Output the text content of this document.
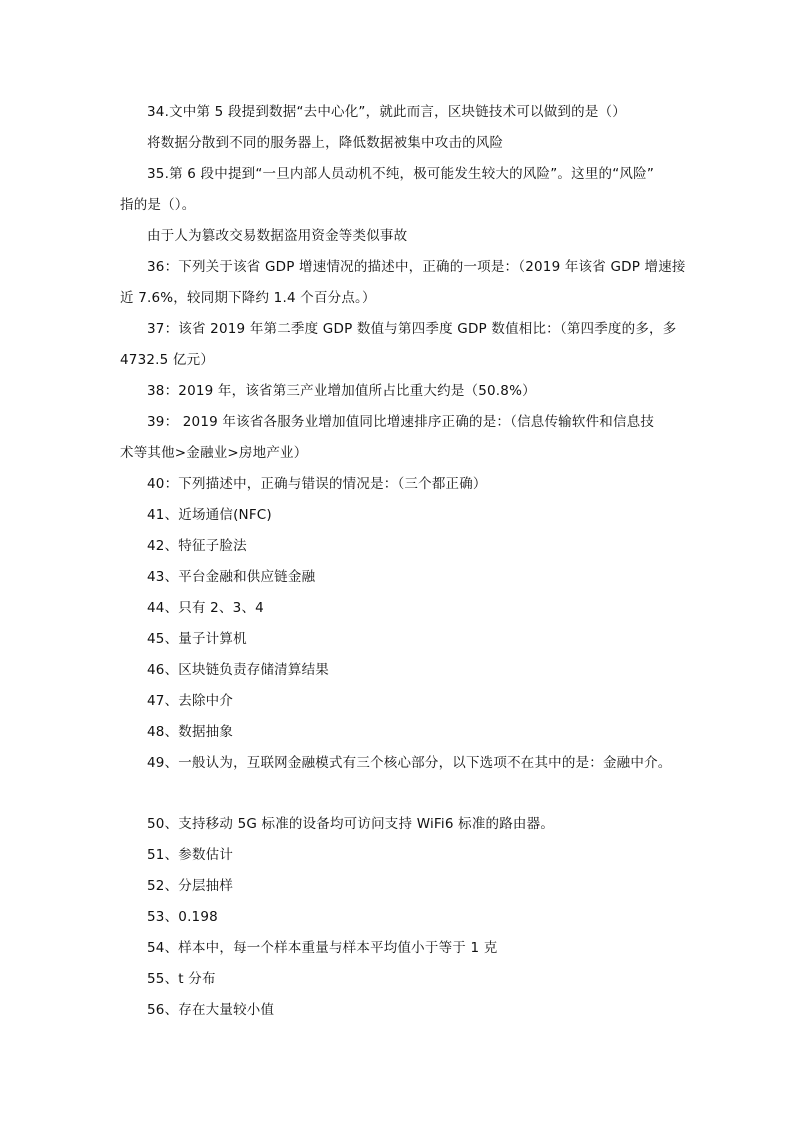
34.文中第 5 段提到数据“去中心化”，就此而言，区块链技术可以做到的是（）
将数据分散到不同的服务器上，降低数据被集中攻击的风险
35.第 6 段中提到“一旦内部人员动机不纯，极可能发生较大的风险”。这里的“风险”
指的是（）。
由于人为篡改交易数据盗用资金等类似事故
36：下列关于该省 GDP 增速情况的描述中，正确的一项是：（2019 年该省 GDP 增速接
近 7.6%，较同期下降约 1.4 个百分点。）
37：该省 2019 年第二季度 GDP 数值与第四季度 GDP 数值相比：（第四季度的多，多
4732.5 亿元）
38：2019 年，该省第三产业增加值所占比重大约是（50.8%）
39： 2019 年该省各服务业增加值同比增速排序正确的是：（信息传输软件和信息技
术等其他>金融业>房地产业）
40：下列描述中，正确与错误的情况是：（三个都正确）
41、近场通信(NFC)
42、特征子脸法
43、平台金融和供应链金融
44、只有 2、3、4
45、量子计算机
46、区块链负责存储清算结果
47、去除中介
48、数据抽象
49、一般认为，互联网金融模式有三个核心部分，以下选项不在其中的是：金融中介。
50、支持移动 5G 标准的设备均可访问支持 WiFi6 标准的路由器。
51、参数估计
52、分层抽样
53、0.198
54、样本中，每一个样本重量与样本平均值小于等于 1 克
55、t 分布
56、存在大量较小值
